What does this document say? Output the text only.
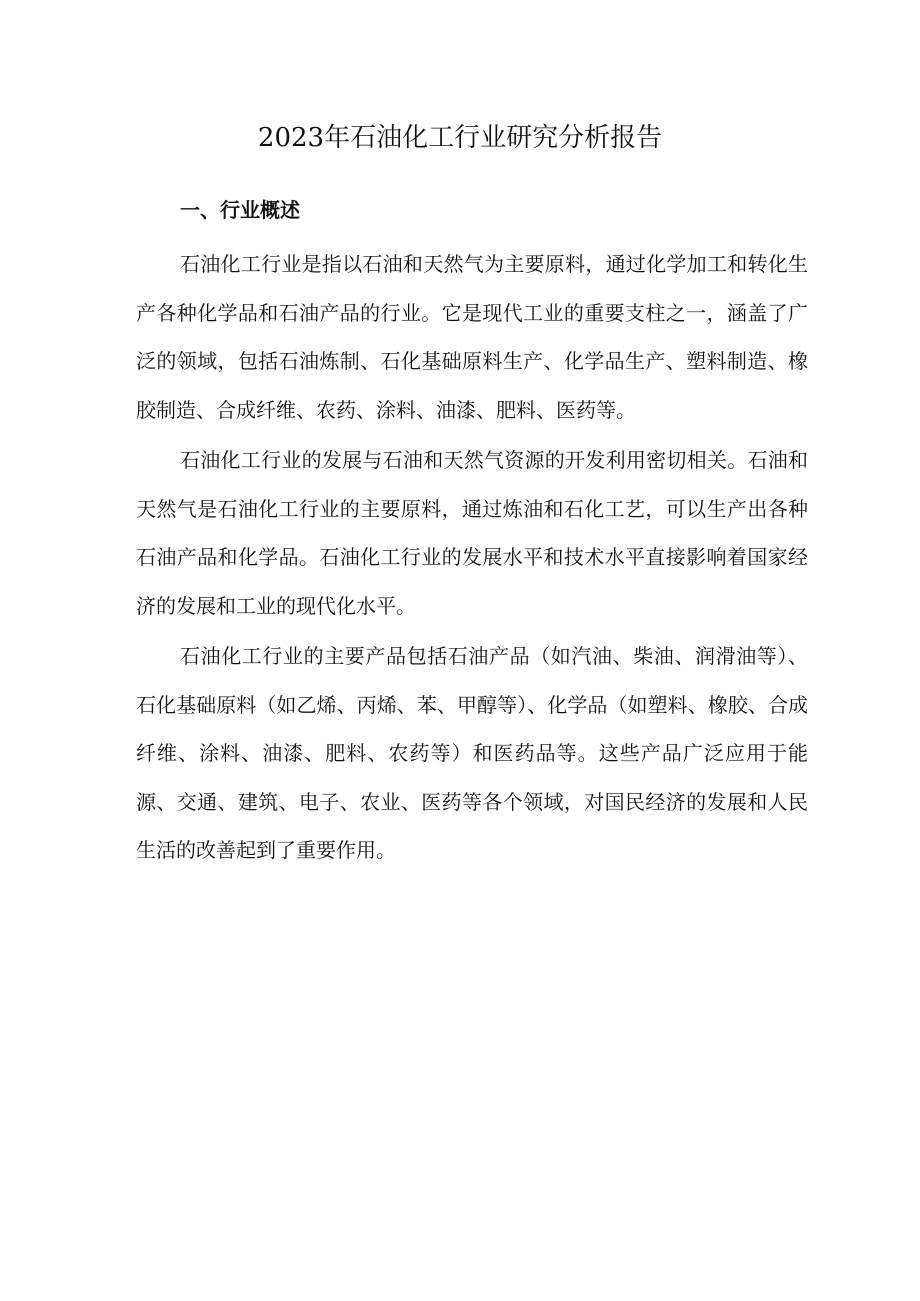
2023年石油化工行业研究分析报告
一、行业概述

石油化工行业是指以石油和天然气为主要原料，通过化学加工和转化生产各种化学品和石油产品的行业。它是现代工业的重要支柱之一，涵盖了广泛的领域，包括石油炼制、石化基础原料生产、化学品生产、塑料制造、橡胶制造、合成纤维、农药、涂料、油漆、肥料、医药等。

石油化工行业的发展与石油和天然气资源的开发利用密切相关。石油和天然气是石油化工行业的主要原料，通过炼油和石化工艺，可以生产出各种石油产品和化学品。石油化工行业的发展水平和技术水平直接影响着国家经济的发展和工业的现代化水平。

石油化工行业的主要产品包括石油产品（如汽油、柴油、润滑油等）、石化基础原料（如乙烯、丙烯、苯、甲醇等）、化学品（如塑料、橡胶、合成纤维、涂料、油漆、肥料、农药等）和医药品等。这些产品广泛应用于能源、交通、建筑、电子、农业、医药等各个领域，对国民经济的发展和人民生活的改善起到了重要作用。
